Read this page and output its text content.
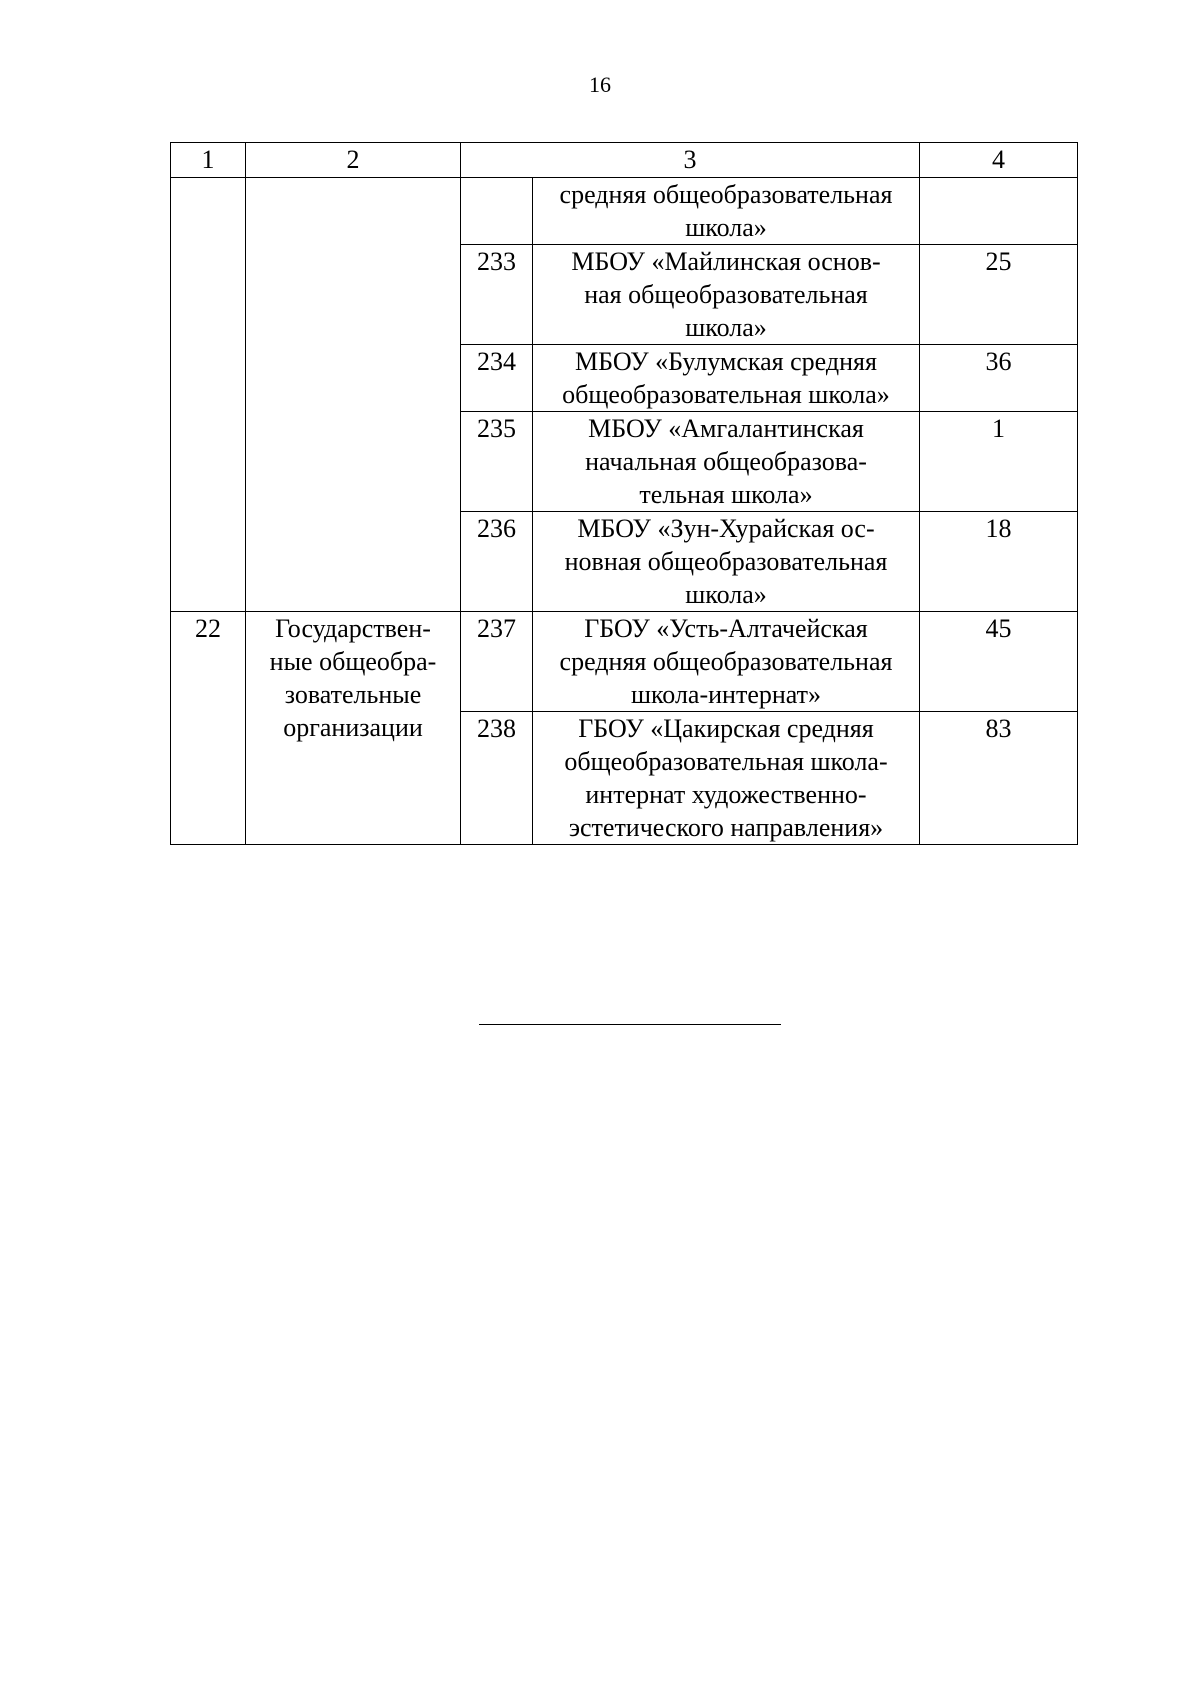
16
1	2	3		4

			средняя общеобразовательная
школа»	

		233	МБОУ «Майлинская основ-
ная общеобразовательная
школа»	25
		234	МБОУ «Булумская средняя
общеобразовательная школа»	36
		235	МБОУ «Амгалантинская
начальная общеобразова-
тельная школа»	1
		236	МБОУ «Зун-Хурайская ос-
новная общеобразовательная
школа»	18
22	Государствен-
ные общеобра-
зовательные
организации	237	ГБОУ «Усть-Алтачейская
средняя общеобразовательная
школа-интернат»	45
		238	ГБОУ «Цакирская средняя
общеобразовательная школа-
интернат художественно-
эстетического направления»	83
